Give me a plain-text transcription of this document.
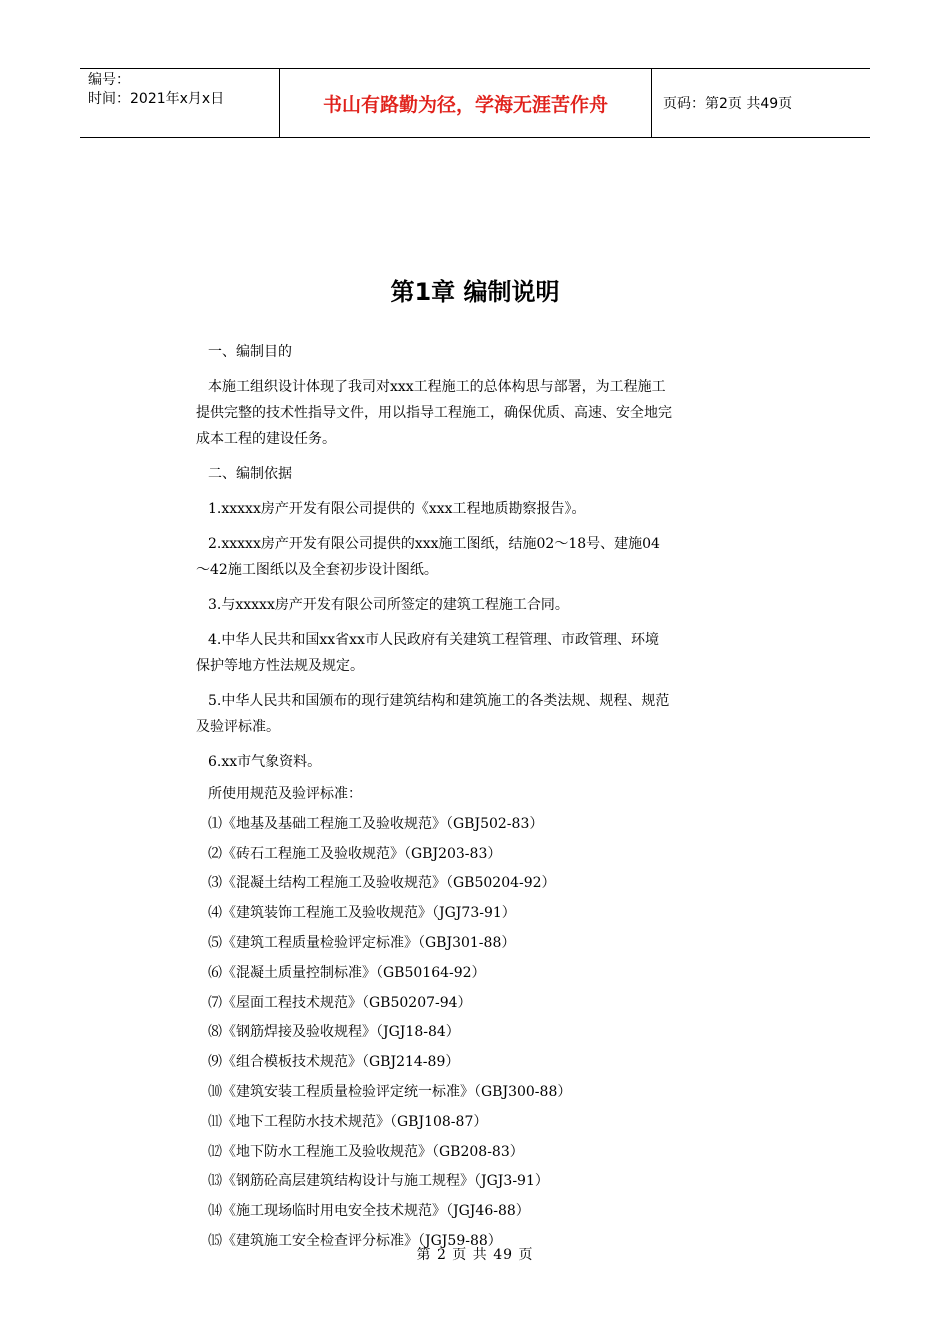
编号：
时间：2021年x月x日	书山有路勤为径，学海无涯苦作舟	页码：第2页 共49页
第1章 编制说明

一、编制目的

本施工组织设计体现了我司对xxx工程施工的总体构思与部署，为工程施工

提供完整的技术性指导文件，用以指导工程施工，确保优质、高速、安全地完

成本工程的建设任务。

二、编制依据

1.xxxxx房产开发有限公司提供的《xxx工程地质勘察报告》。

2.xxxxx房产开发有限公司提供的xxx施工图纸，结施02～18号、建施04

～42施工图纸以及全套初步设计图纸。

3.与xxxxx房产开发有限公司所签定的建筑工程施工合同。

4.中华人民共和国xx省xx市人民政府有关建筑工程管理、市政管理、环境

保护等地方性法规及规定。

5.中华人民共和国颁布的现行建筑结构和建筑施工的各类法规、规程、规范

及验评标准。

6.xx市气象资料。

所使用规范及验评标准：

⑴《地基及基础工程施工及验收规范》（GBJ502-83）

⑵《砖石工程施工及验收规范》（GBJ203-83）

⑶《混凝土结构工程施工及验收规范》（GB50204-92）

⑷《建筑装饰工程施工及验收规范》（JGJ73-91）

⑸《建筑工程质量检验评定标准》（GBJ301-88）

⑹《混凝土质量控制标准》（GB50164-92）

⑺《屋面工程技术规范》（GB50207-94）

⑻《钢筋焊接及验收规程》（JGJ18-84）

⑼《组合模板技术规范》（GBJ214-89）

⑽《建筑安装工程质量检验评定统一标准》（GBJ300-88）

⑾《地下工程防水技术规范》（GBJ108-87）

⑿《地下防水工程施工及验收规范》（GB208-83）

⒀《钢筋砼高层建筑结构设计与施工规程》（JGJ3-91）

⒁《施工现场临时用电安全技术规范》（JGJ46-88）

⒂《建筑施工安全检查评分标准》（JGJ59-88）

第 2 页 共 49 页
